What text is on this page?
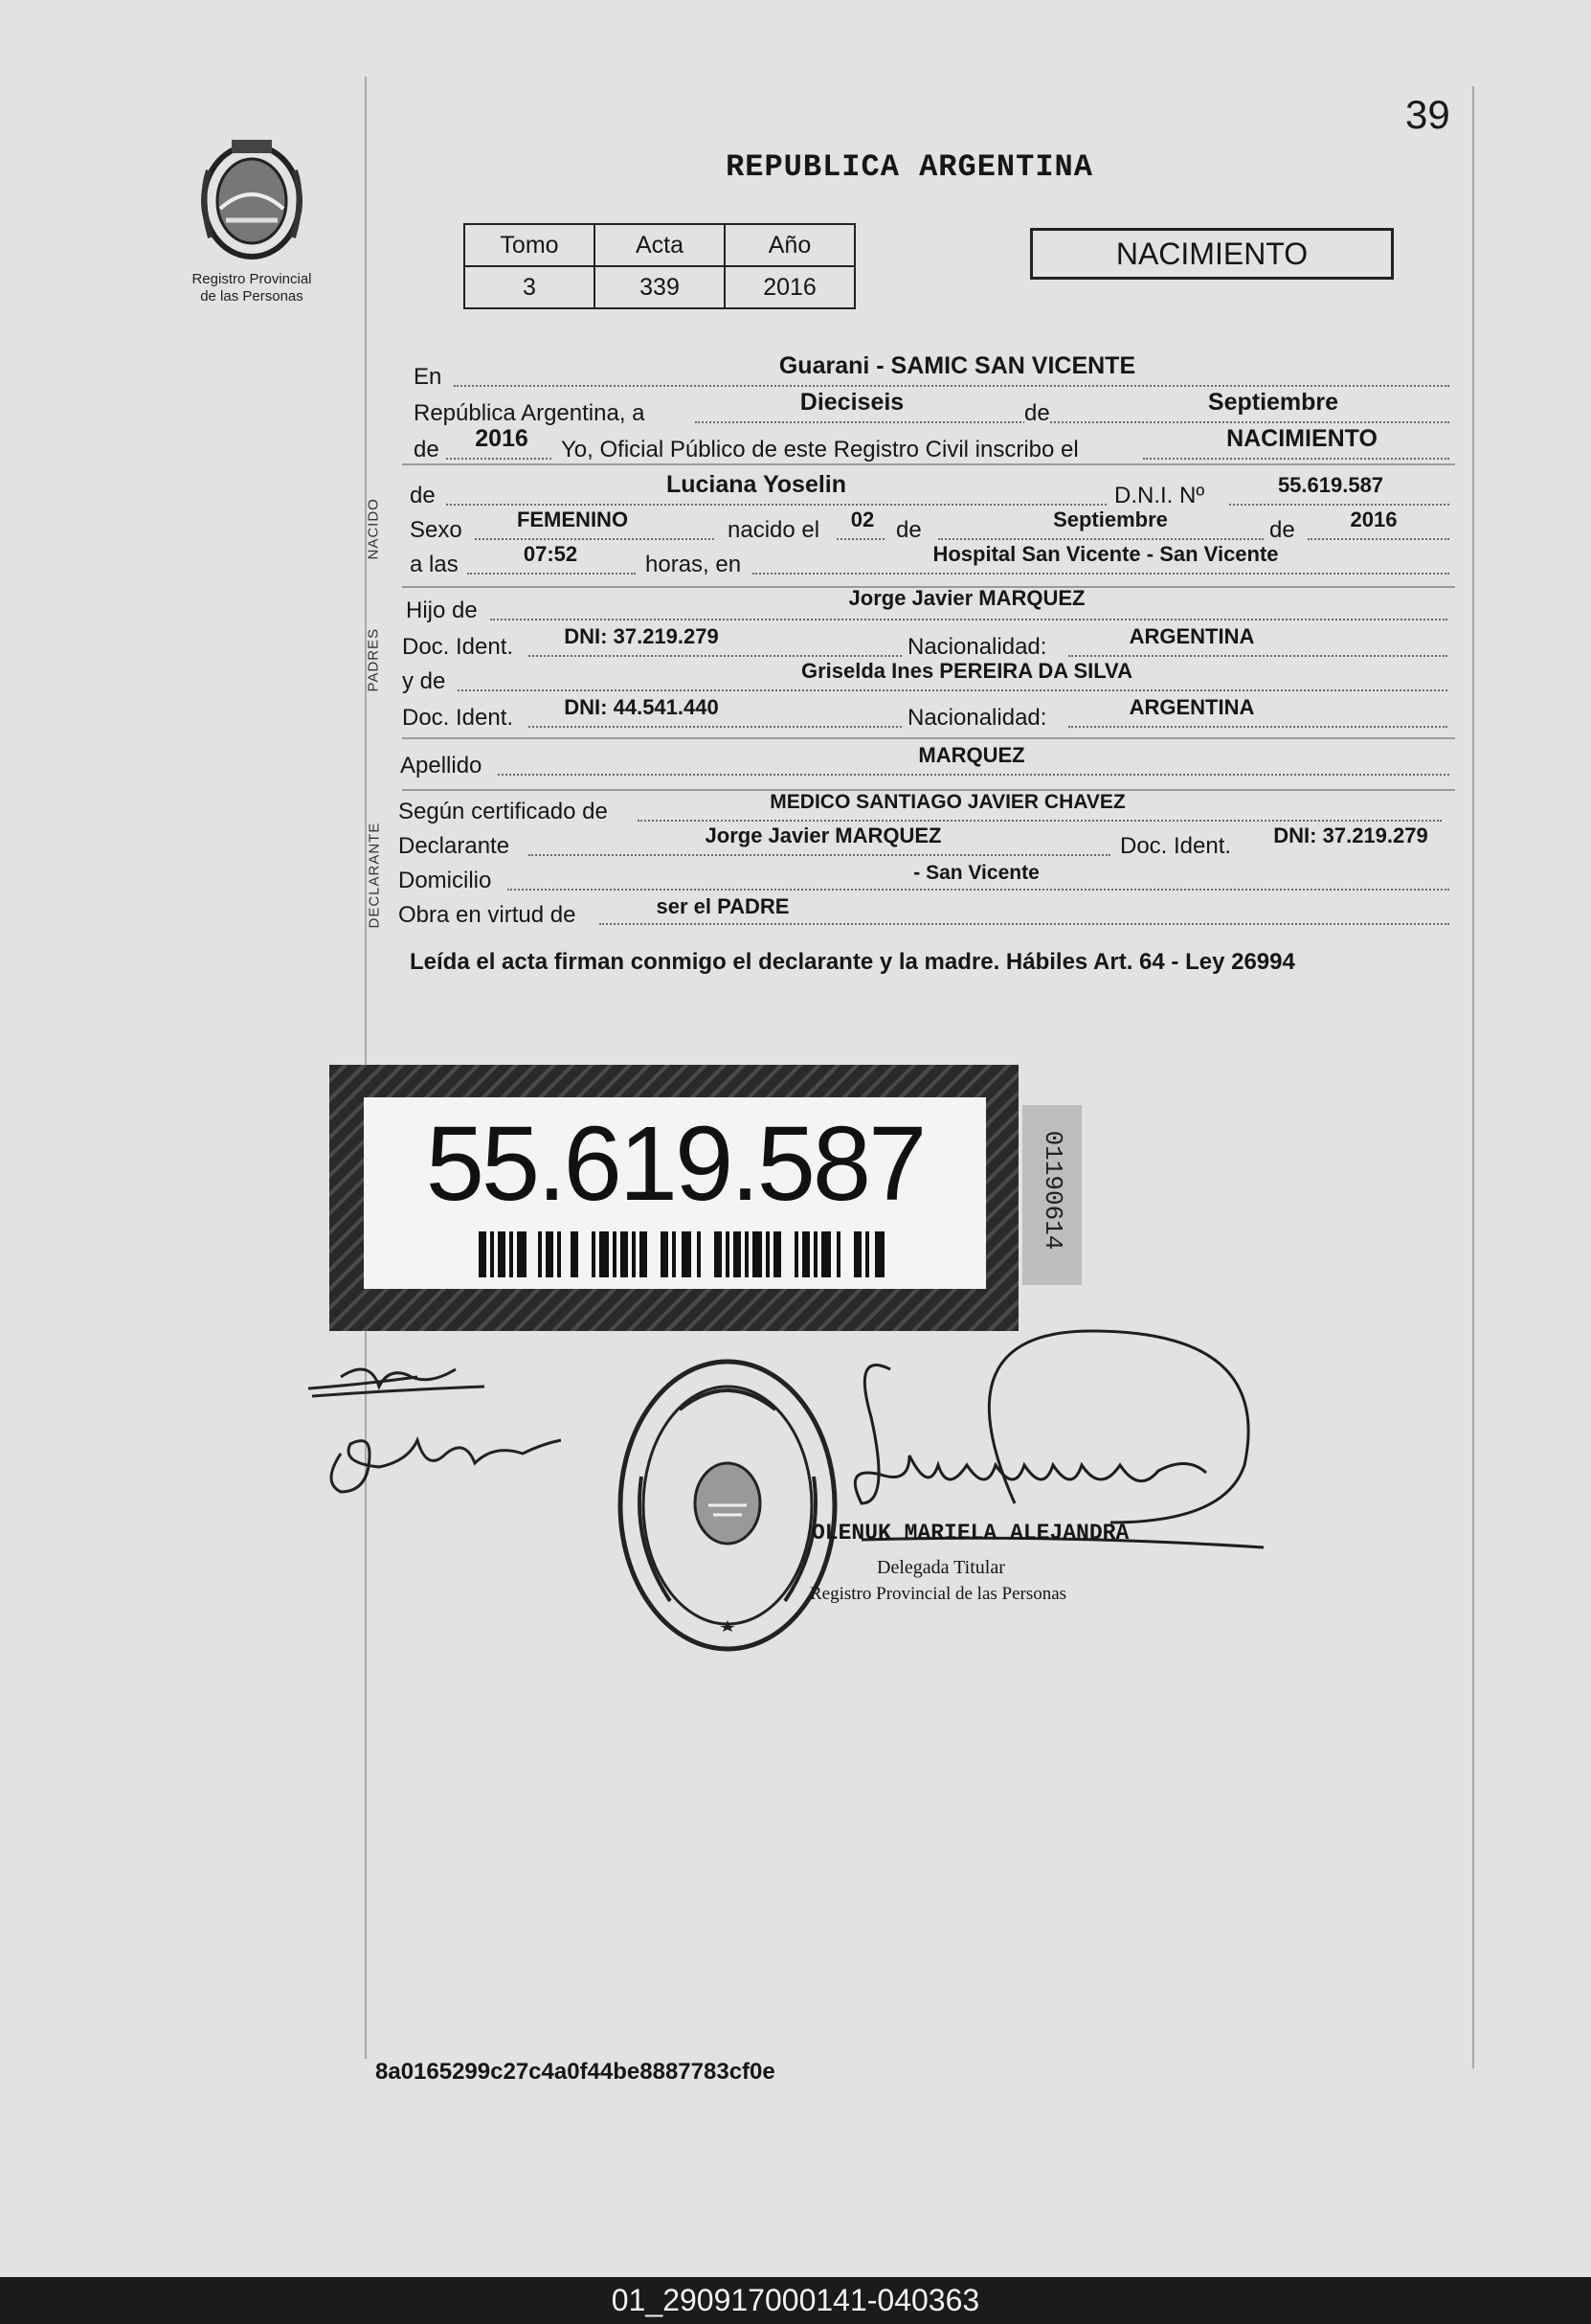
39
Registro Provincial
de las Personas
REPUBLICA ARGENTINA
Tomo	Acta	Año
3	339	2016
NACIMIENTO
En	Guarani - SAMIC SAN VICENTE
República Argentina, a	Dieciseis	de	Septiembre
de	2016	Yo, Oficial Público de este Registro Civil inscribo el	NACIMIENTO
NACIDO
de	Luciana Yoselin	D.N.I. Nº	55.619.587
Sexo	FEMENINO	nacido el	02 de	Septiembre	de	2016
a las	07:52	horas, en	Hospital San Vicente - San Vicente
PADRES
Hijo de	Jorge Javier MARQUEZ
Doc. Ident.	DNI: 37.219.279	Nacionalidad:	ARGENTINA
y de	Griselda Ines PEREIRA DA SILVA
Doc. Ident.	DNI: 44.541.440	Nacionalidad:	ARGENTINA
Apellido	MARQUEZ
DECLARANTE
Según certificado de	MEDICO SANTIAGO JAVIER CHAVEZ
Declarante	Jorge Javier MARQUEZ	Doc. Ident.	DNI: 37.219.279
Domicilio	- San Vicente
Obra en virtud de	ser el PADRE
Leída el acta firman conmigo el declarante y la madre. Hábiles Art. 64 - Ley 26994
55.619.587	01190614
OLENUK MARIELA ALEJANDRA
Delegada Titular
Registro Provincial de las Personas
8a0165299c27c4a0f44be8887783cf0e
01_290917000141-040363
